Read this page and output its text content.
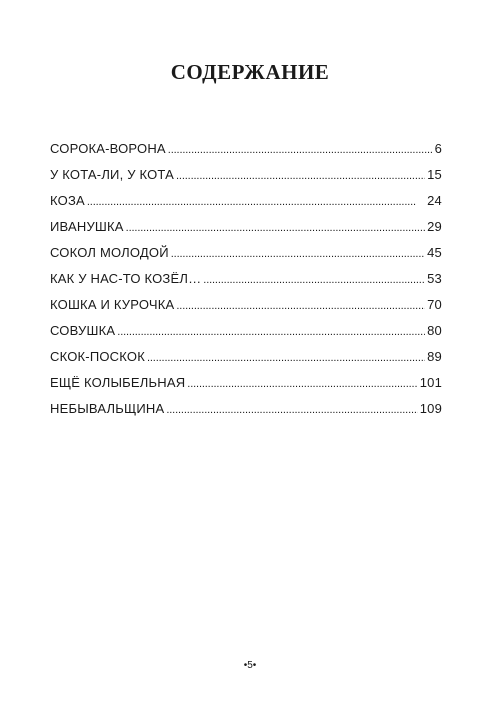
СОДЕРЖАНИЕ
СОРОКА-ВОРОНА . . .	6
У КОТА-ЛИ, У КОТА . . .	15
КОЗА . . .	24
ИВАНУШКА . . .	29
СОКОЛ МОЛОДОЙ . . .	45
КАК У НАС-ТО КОЗЁЛ… . . .	53
КОШКА И КУРОЧКА . . .	70
СОВУШКА . . .	80
СКОК-ПОСКОК . . .	89
ЕЩЁ КОЛЫБЕЛЬНАЯ . . .	101
НЕБЫВАЛЬЩИНА . . .	109
•5•
